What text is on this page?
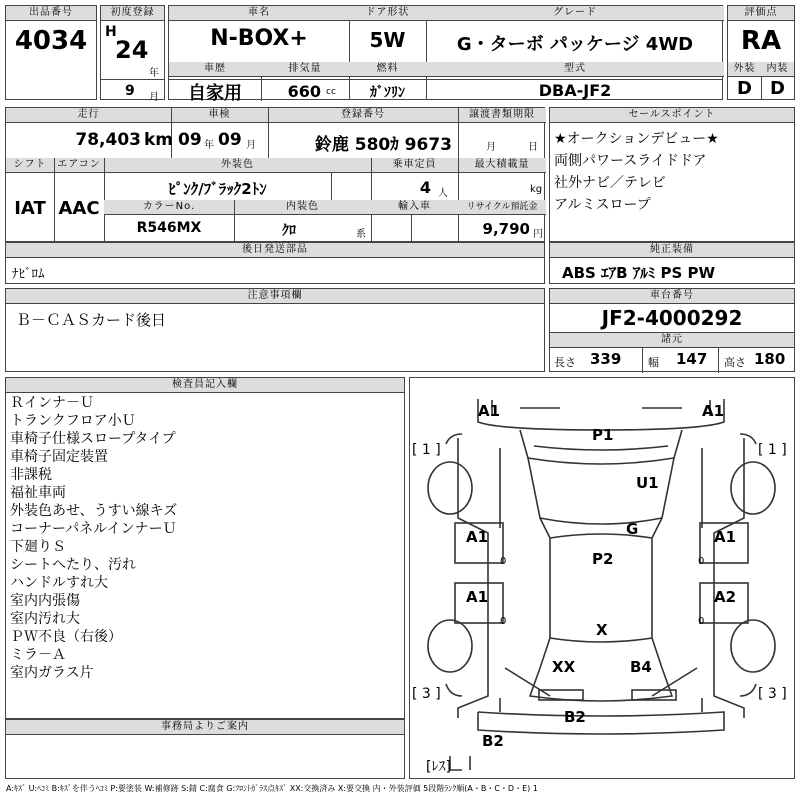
出品番号
4034
初度登録
H
24
年
9 月
車名
N-BOX+
ドア形状
5W
グレード
G・ターボ パッケージ 4WD
車歴
自家用
排気量
660 cc
燃料
ｶﾞｿﾘﾝ
型式
DBA-JF2
評価点
RA
外装	内装
D	D
走行	車検	登録番号	譲渡書類期限
78,403 km 09 年 09 月	鈴鹿 580ｶ 9673	月	日
シフト	エアコン	外装色	乗車定員	最大積載量
IAT AAC
ﾋﾟﾝｸ/ﾌﾞﾗｯｸ2ﾄﾝ	4 人	kg
カラーNo.	内装色	輸入車	リサイクル預託金
R546MX	ｸﾛ	系	9,790 円
セールスポイント
★オークションデビュー★
両側パワースライドドア
社外ナビ／テレビ
アルミスロープ
後日発送部品
ﾅﾋﾞﾛﾑ
純正装備
ABS ｴｱB ｱﾙﾐ PS PW
注意事項欄
Ｂ－ＣＡＳカード後日
車台番号
JF2-4000292
諸元
長さ 339 幅 147 高さ 180
検査員記入欄
Ｒインナ－Ｕ
トランクフロア小Ｕ
車椅子仕様スロープタイプ
車椅子固定装置
非課税
福祉車両
外装色あせ、うすい線キズ
コーナーパネルインナーＵ
下廻りＳ
シートへたり、汚れ
ハンドルすれ大
室内内張傷
室内汚れ大
ＰＷ不良（右後）
ミラ－Ａ
室内ガラス片
事務局よりご案内
A1	A1
P1
U1
G
A1	A1
P2
A1	A2
X
XX	B4
B2
B2
[ 1 ]	[ 1 ]
[ 3 ]	[ 3 ]
[ﾚｽ]
0	0
0	0
A:ｷｽﾞ U:ﾍｺﾐ B:ｷｽﾞを伴うﾍｺﾐ P:要塗装 W:補修跡 S:錆 C:腐食 G:ﾌﾛﾝﾄｶﾞﾗｽ点ｷｽﾞ XX:交換済み X:要交換 内・外装評価 5段階ﾗﾝｸ順(A・B・C・D・E) 1
